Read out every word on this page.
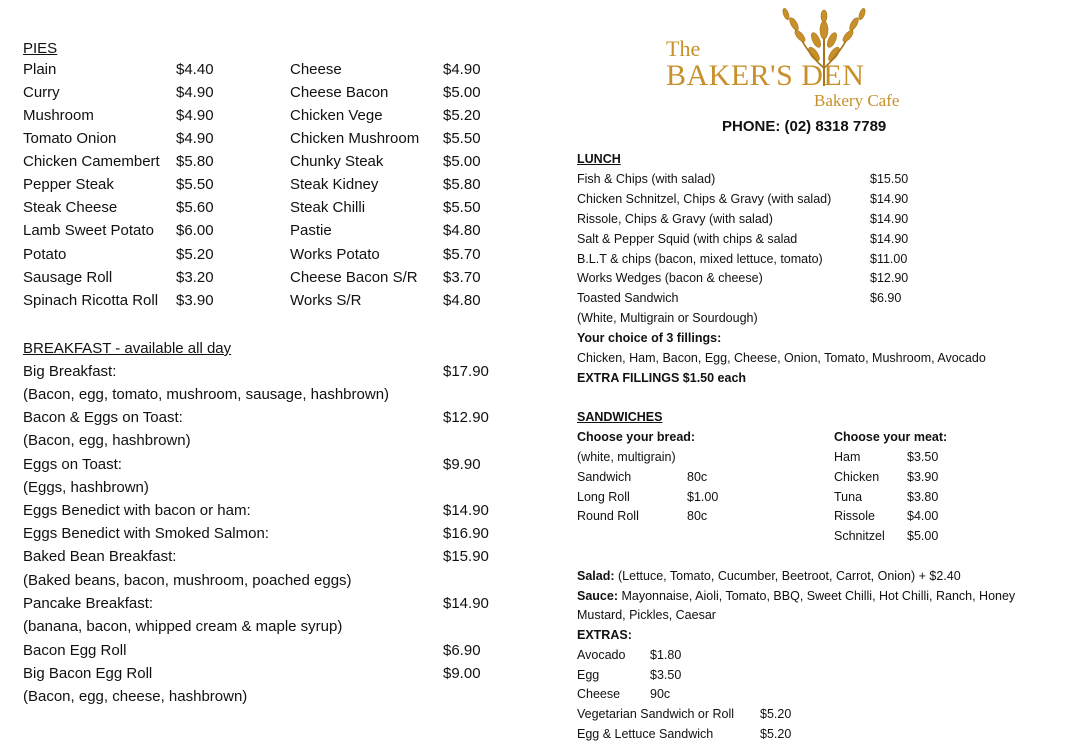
PIES
Plain	$4.40
Curry	$4.90
Mushroom	$4.90
Tomato Onion	$4.90
Chicken Camembert $5.80
Pepper Steak	$5.50
Steak Cheese	$5.60
Lamb Sweet Potato $6.00
Potato	$5.20
Sausage Roll	$3.20
Spinach Ricotta Roll $3.90
Cheese	$4.90
Cheese Bacon	$5.00
Chicken Vege	$5.20
Chicken Mushroom $5.50
Chunky Steak	$5.00
Steak Kidney	$5.80
Steak Chilli	$5.50
Pastie	$4.80
Works Potato	$5.70
Cheese Bacon S/R $3.70
Works S/R	$4.80
BREAKFAST - available all day
Big Breakfast:	$17.90
(Bacon, egg, tomato, mushroom, sausage, hashbrown)
Bacon & Eggs on Toast:	$12.90
(Bacon, egg, hashbrown)
Eggs on Toast:	$9.90
(Eggs, hashbrown)
Eggs Benedict with bacon or ham:	$14.90
Eggs Benedict with Smoked Salmon:	$16.90
Baked Bean Breakfast:	$15.90
(Baked beans, bacon, mushroom, poached eggs)
Pancake Breakfast:	$14.90
(banana, bacon, whipped cream & maple syrup)
Bacon Egg Roll	$6.90
Big Bacon Egg Roll	$9.00
(Bacon, egg, cheese, hashbrown)
The
BAKER'S DEN
Bakery Cafe
PHONE: (02) 8318 7789
LUNCH
Fish & Chips (with salad)	$15.50
Chicken Schnitzel, Chips & Gravy (with salad)	$14.90
Rissole, Chips & Gravy (with salad)	$14.90
Salt & Pepper Squid (with chips & salad	$14.90
B.L.T & chips (bacon, mixed lettuce, tomato)	$11.00
Works Wedges (bacon & cheese)	$12.90
Toasted Sandwich	$6.90
(White, Multigrain or Sourdough)
Your choice of 3 fillings:
Chicken, Ham, Bacon, Egg, Cheese, Onion, Tomato, Mushroom, Avocado
EXTRA FILLINGS $1.50 each
SANDWICHES
Choose your bread:
(white, multigrain)
Sandwich	80c
Long Roll	$1.00
Round Roll	80c
Choose your meat:
Ham	$3.50
Chicken $3.90
Tuna	$3.80
Rissole	$4.00
Schnitzel $5.00
Salad: (Lettuce, Tomato, Cucumber, Beetroot, Carrot, Onion) + $2.40
Sauce: Mayonnaise, Aioli, Tomato, BBQ, Sweet Chilli, Hot Chilli, Ranch, Honey
Mustard, Pickles, Caesar
EXTRAS:
Avocado $1.80
Egg	$3.50
Cheese 90c
Vegetarian Sandwich or Roll $5.20
Egg & Lettuce Sandwich	$5.20
